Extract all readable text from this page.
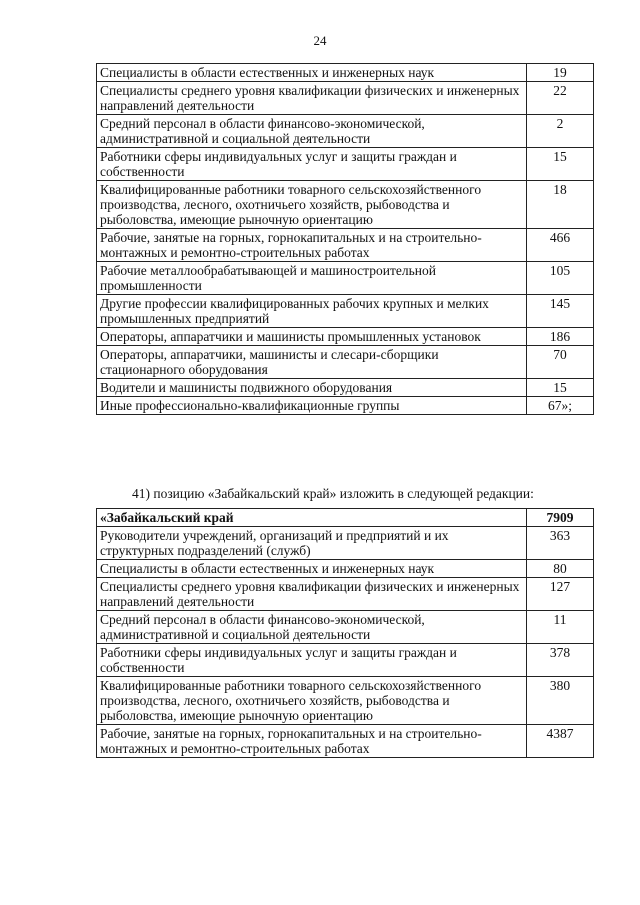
24
Специалисты в области естественных и инженерных наук	19
Специалисты среднего уровня квалификации физических и инженерных направлений деятельности	22
Средний персонал в области финансово-экономической, административной и социальной деятельности	2
Работники сферы индивидуальных услуг и защиты граждан и собственности	15
Квалифицированные работники товарного сельскохозяйственного производства, лесного, охотничьего хозяйств, рыбоводства и рыболовства, имеющие рыночную ориентацию	18
Рабочие, занятые на горных, горнокапитальных и на строительно-монтажных и ремонтно-строительных работах	466
Рабочие металлообрабатывающей и машиностроительной промышленности	105
Другие профессии квалифицированных рабочих крупных и мелких промышленных предприятий	145
Операторы, аппаратчики и машинисты промышленных установок	186
Операторы, аппаратчики, машинисты и слесари-сборщики стационарного оборудования	70
Водители и машинисты подвижного оборудования	15
Иные профессионально-квалификационные группы	67»;
41) позицию «Забайкальский край» изложить в следующей редакции:
«Забайкальский край	7909
Руководители учреждений, организаций и предприятий и их структурных подразделений (служб)	363
Специалисты в области естественных и инженерных наук	80
Специалисты среднего уровня квалификации физических и инженерных направлений деятельности	127
Средний персонал в области финансово-экономической, административной и социальной деятельности	11
Работники сферы индивидуальных услуг и защиты граждан и собственности	378
Квалифицированные работники товарного сельскохозяйственного производства, лесного, охотничьего хозяйств, рыбоводства и рыболовства, имеющие рыночную ориентацию	380
Рабочие, занятые на горных, горнокапитальных и на строительно-монтажных и ремонтно-строительных работах	4387
